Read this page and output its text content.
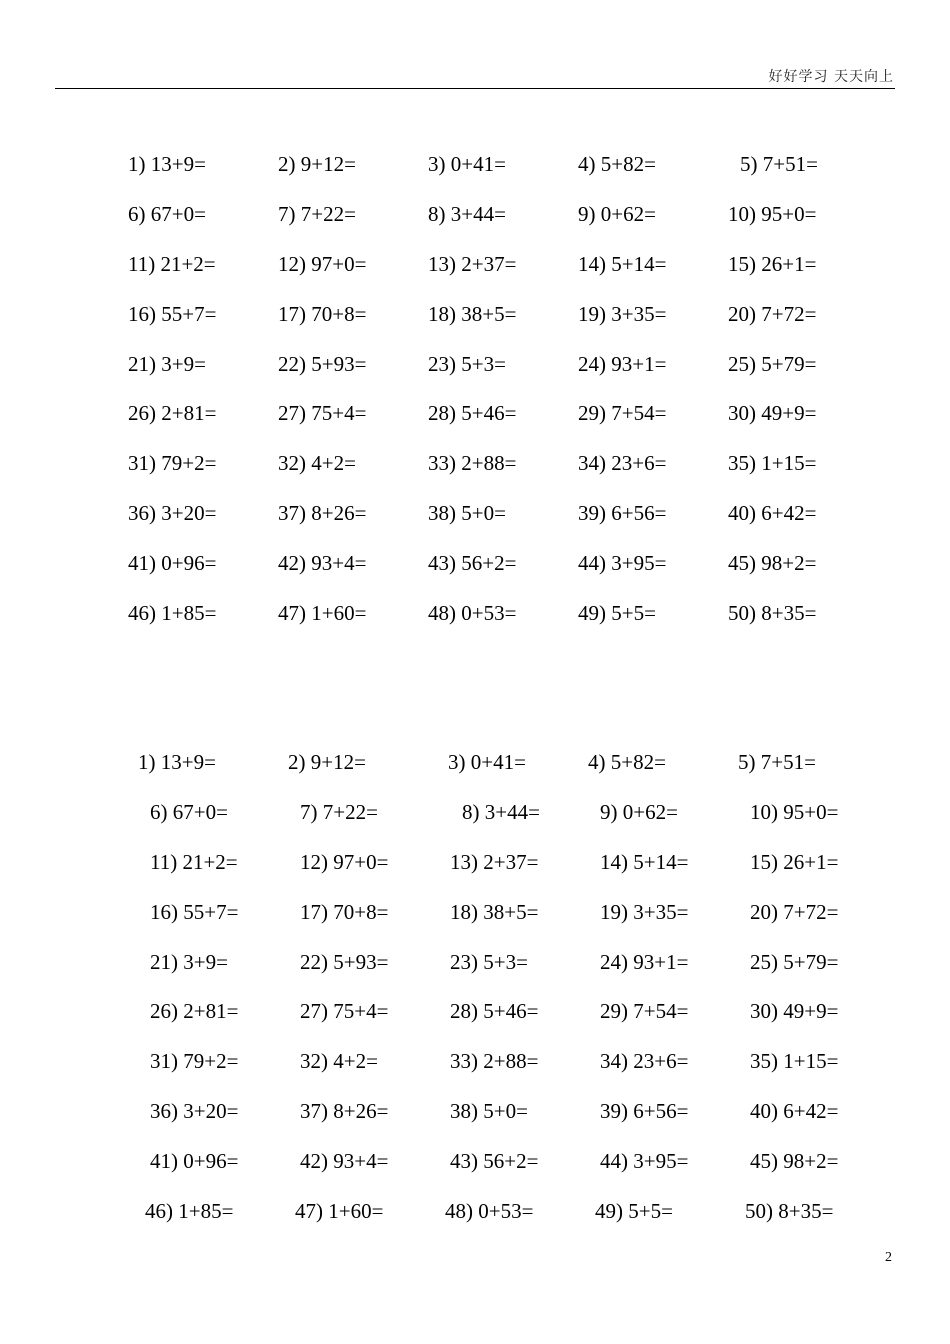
好好学习 天天向上
1) 13+9=	2) 9+12=	3) 0+41=	4) 5+82=	5) 7+51=
6) 67+0=	7) 7+22=	8) 3+44=	9) 0+62=	10) 95+0=
11) 21+2=	12) 97+0=	13) 2+37=	14) 5+14=	15) 26+1=
16) 55+7=	17) 70+8=	18) 38+5=	19) 3+35=	20) 7+72=
21) 3+9=	22) 5+93=	23) 5+3=	24) 93+1=	25) 5+79=
26) 2+81=	27) 75+4=	28) 5+46=	29) 7+54=	30) 49+9=
31) 79+2=	32) 4+2=	33) 2+88=	34) 23+6=	35) 1+15=
36) 3+20=	37) 8+26=	38) 5+0=	39) 6+56=	40) 6+42=
41) 0+96=	42) 93+4=	43) 56+2=	44) 3+95=	45) 98+2=
46) 1+85=	47) 1+60=	48) 0+53=	49) 5+5=	50) 8+35=
1) 13+9=	2) 9+12=	3) 0+41=	4) 5+82=	5) 7+51=
6) 67+0=	7) 7+22=	8) 3+44=	9) 0+62=	10) 95+0=
11) 21+2=	12) 97+0=	13) 2+37=	14) 5+14=	15) 26+1=
16) 55+7=	17) 70+8=	18) 38+5=	19) 3+35=	20) 7+72=
21) 3+9=	22) 5+93=	23) 5+3=	24) 93+1=	25) 5+79=
26) 2+81=	27) 75+4=	28) 5+46=	29) 7+54=	30) 49+9=
31) 79+2=	32) 4+2=	33) 2+88=	34) 23+6=	35) 1+15=
36) 3+20=	37) 8+26=	38) 5+0=	39) 6+56=	40) 6+42=
41) 0+96=	42) 93+4=	43) 56+2=	44) 3+95=	45) 98+2=
46) 1+85=	47) 1+60=	48) 0+53=	49) 5+5=	50) 8+35=
2
